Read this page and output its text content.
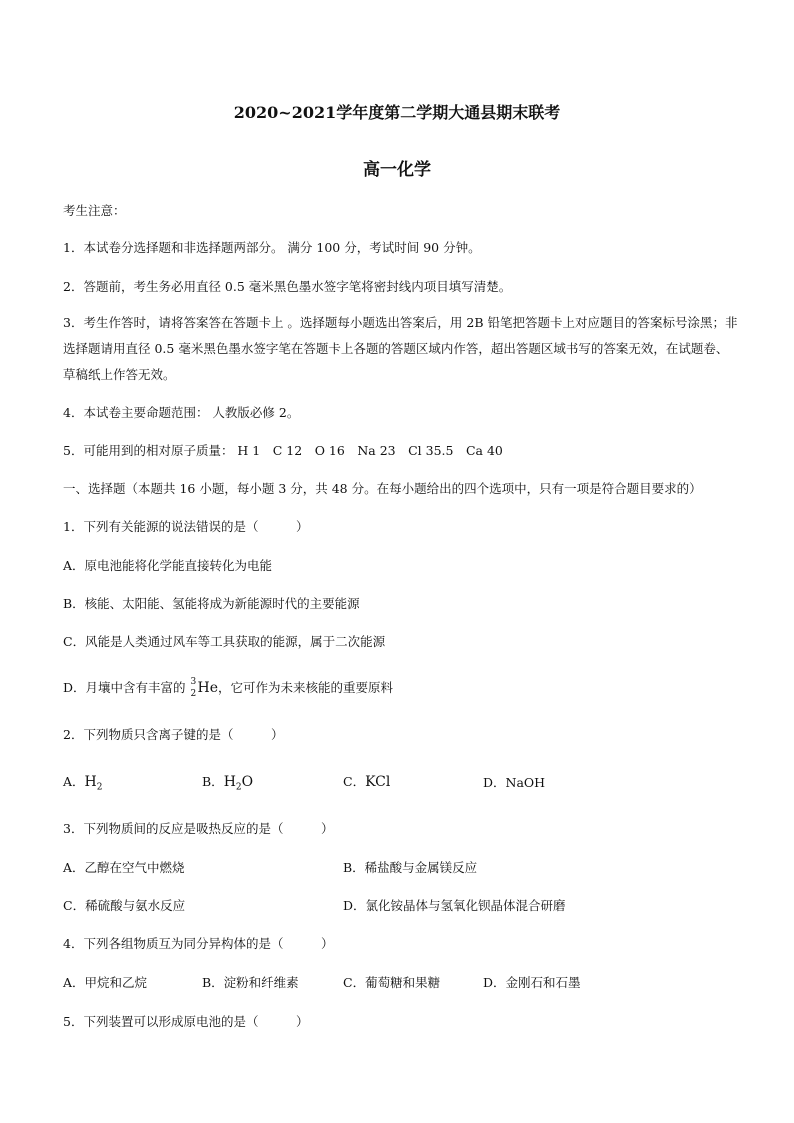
2020~2021学年度第二学期大通县期末联考
高一化学
考生注意：
1．本试卷分选择题和非选择题两部分。 满分 100 分，考试时间 90 分钟。
2．答题前，考生务必用直径 0.5 毫米黑色墨水签字笔将密封线内项目填写清楚。
3．考生作答时，请将答案答在答题卡上 。选择题每小题选出答案后，用 2B 铅笔把答题卡上对应题目的答案标号涂黑；非选择题请用直径 0.5 毫米黑色墨水签字笔在答题卡上各题的答题区域内作答，超出答题区域书写的答案无效，在试题卷、草稿纸上作答无效。
4．本试卷主要命题范围： 人教版必修 2。
5．可能用到的相对原子质量： H 1　C 12　O 16　Na 23　Cl 35.5　Ca 40
一、选择题（本题共 16 小题，每小题 3 分，共 48 分。在每小题给出的四个选项中，只有一项是符合题目要求的）
1．下列有关能源的说法错误的是（　　　）
A．原电池能将化学能直接转化为电能
B．核能、太阳能、氢能将成为新能源时代的主要能源
C．风能是人类通过风车等工具获取的能源，属于二次能源
D．月壤中含有丰富的 3
2 He，它可作为未来核能的重要原料
2．下列物质只含离子键的是（　　　）
A．$H_2$	B．$H_2O$	C．KCl	D．NaOH
3．下列物质间的反应是吸热反应的是（　　　）
A．乙醇在空气中燃烧	B．稀盐酸与金属镁反应
C．稀硫酸与氨水反应	D．氯化铵晶体与氢氧化钡晶体混合研磨
4．下列各组物质互为同分异构体的是（　　　）
A．甲烷和乙烷	B．淀粉和纤维素	C．葡萄糖和果糖	D．金刚石和石墨
5．下列装置可以形成原电池的是（　　　）
